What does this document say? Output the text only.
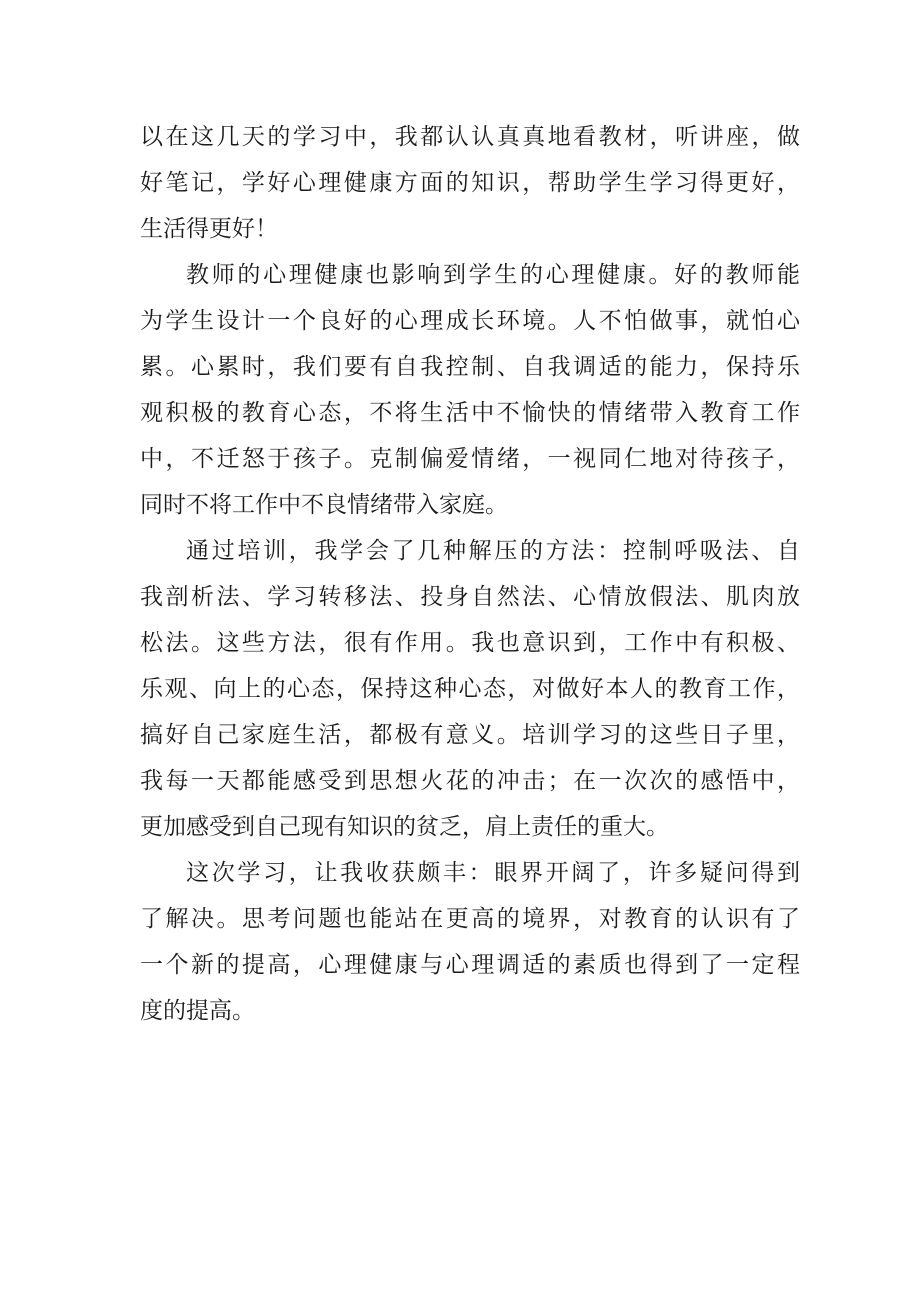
以在这几天的学习中，我都认认真真地看教材，听讲座，做
好笔记，学好心理健康方面的知识，帮助学生学习得更好，
生活得更好！
教师的心理健康也影响到学生的心理健康。好的教师能
为学生设计一个良好的心理成长环境。人不怕做事，就怕心
累。心累时，我们要有自我控制、自我调适的能力，保持乐
观积极的教育心态，不将生活中不愉快的情绪带入教育工作
中，不迁怒于孩子。克制偏爱情绪，一视同仁地对待孩子，
同时不将工作中不良情绪带入家庭。
通过培训，我学会了几种解压的方法：控制呼吸法、自
我剖析法、学习转移法、投身自然法、心情放假法、肌肉放
松法。这些方法，很有作用。我也意识到，工作中有积极、
乐观、向上的心态，保持这种心态，对做好本人的教育工作，
搞好自己家庭生活，都极有意义。培训学习的这些日子里，
我每一天都能感受到思想火花的冲击；在一次次的感悟中，
更加感受到自己现有知识的贫乏，肩上责任的重大。
这次学习，让我收获颇丰：眼界开阔了，许多疑问得到
了解决。思考问题也能站在更高的境界，对教育的认识有了
一个新的提高，心理健康与心理调适的素质也得到了一定程
度的提高。
